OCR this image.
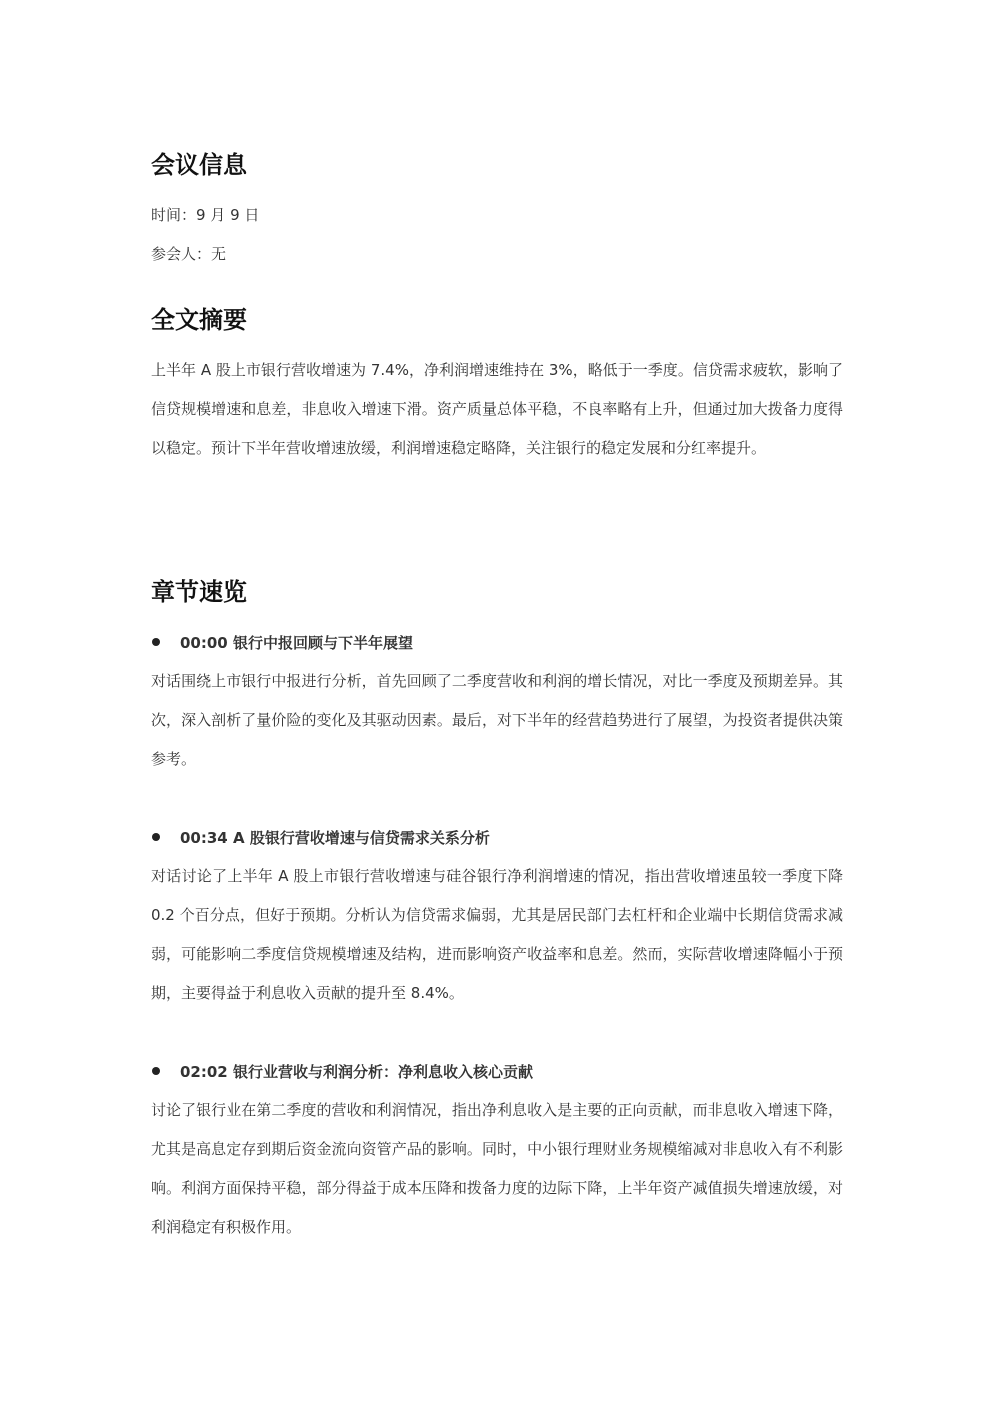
会议信息

时间：9 月 9 日

参会人：无

全文摘要

上半年 A 股上市银行营收增速为 7.4%，净利润增速维持在 3%，略低于一季度。信贷需求疲软，影响了信贷规模增速和息差，非息收入增速下滑。资产质量总体平稳，不良率略有上升，但通过加大拨备力度得以稳定。预计下半年营收增速放缓，利润增速稳定略降，关注银行的稳定发展和分红率提升。

章节速览

00:00 银行中报回顾与下半年展望

对话围绕上市银行中报进行分析，首先回顾了二季度营收和利润的增长情况，对比一季度及预期差异。其次，深入剖析了量价险的变化及其驱动因素。最后，对下半年的经营趋势进行了展望，为投资者提供决策参考。

00:34 A 股银行营收增速与信贷需求关系分析

对话讨论了上半年 A 股上市银行营收增速与硅谷银行净利润增速的情况，指出营收增速虽较一季度下降 0.2 个百分点，但好于预期。分析认为信贷需求偏弱，尤其是居民部门去杠杆和企业端中长期信贷需求减弱，可能影响二季度信贷规模增速及结构，进而影响资产收益率和息差。然而，实际营收增速降幅小于预期，主要得益于利息收入贡献的提升至 8.4%。

02:02 银行业营收与利润分析：净利息收入核心贡献

讨论了银行业在第二季度的营收和利润情况，指出净利息收入是主要的正向贡献，而非息收入增速下降，尤其是高息定存到期后资金流向资管产品的影响。同时，中小银行理财业务规模缩减对非息收入有不利影响。利润方面保持平稳，部分得益于成本压降和拨备力度的边际下降，上半年资产减值损失增速放缓，对利润稳定有积极作用。
